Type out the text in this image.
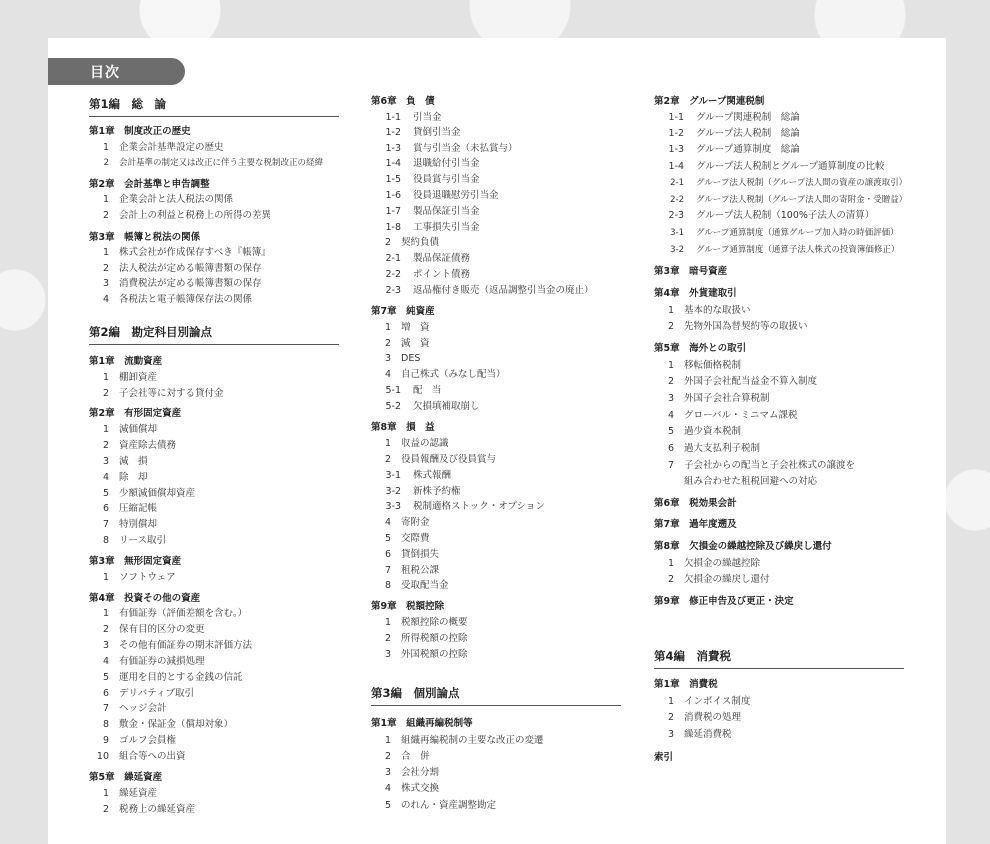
目次
第1編　総　論
第1章　制度改正の歴史
1 企業会計基準設定の歴史
2 会計基準の制定又は改正に伴う主要な税制改正の経緯
第2章　会計基準と申告調整
1 企業会計と法人税法の関係
2 会計上の利益と税務上の所得の差異
第3章　帳簿と税法の関係
1 株式会社が作成保存すべき『帳簿』
2 法人税法が定める帳簿書類の保存
3 消費税法が定める帳簿書類の保存
4 各税法と電子帳簿保存法の関係
第2編　勘定科目別論点
第1章　流動資産
1 棚卸資産
2 子会社等に対する貸付金
第2章　有形固定資産
1 減価償却
2 資産除去債務
3 減　損
4 除　却
5 少額減価償却資産
6 圧縮記帳
7 特別償却
8 リース取引
第3章　無形固定資産
1 ソフトウェア
第4章　投資その他の資産
1 有価証券（評価差額を含む。）
2 保有目的区分の変更
3 その他有価証券の期末評価方法
4 有価証券の減損処理
5 運用を目的とする金銭の信託
6 デリバティブ取引
7 ヘッジ会計
8 敷金・保証金（償却対象）
9 ゴルフ会員権
10 組合等への出資
第5章　繰延資産
1 繰延資産
2 税務上の繰延資産
第6章　負　債
1-1 引当金
1-2 貸倒引当金
1-3 賞与引当金（未払賞与）
1-4 退職給付引当金
1-5 役員賞与引当金
1-6 役員退職慰労引当金
1-7 製品保証引当金
1-8 工事損失引当金
2 契約負債
2-1 製品保証債務
2-2 ポイント債務
2-3 返品権付き販売（返品調整引当金の廃止）
第7章　純資産
1 増　資
2 減　資
3 DES
4 自己株式（みなし配当）
5-1 配　当
5-2 欠損填補取崩し
第8章　損　益
1 収益の認識
2 役員報酬及び役員賞与
3-1 株式報酬
3-2 新株予約権
3-3 税制適格ストック・オプション
4 寄附金
5 交際費
6 貸倒損失
7 租税公課
8 受取配当金
第9章　税額控除
1 税額控除の概要
2 所得税額の控除
3 外国税額の控除
第3編　個別論点
第1章　組織再編税制等
1 組織再編税制の主要な改正の変遷
2 合　併
3 会社分割
4 株式交換
5 のれん・資産調整勘定
第2章　グループ関連税制
1-1 グループ関連税制　総論
1-2 グループ法人税制　総論
1-3 グループ通算制度　総論
1-4 グループ法人税制とグループ通算制度の比較
2-1 グループ法人税制（グループ法人間の資産の譲渡取引）
2-2 グループ法人税制（グループ法人間の寄附金・受贈益）
2-3 グループ法人税制（100%子法人の清算）
3-1 グループ通算制度（通算グループ加入時の時価評価）
3-2 グループ通算制度（通算子法人株式の投資簿価修正）
第3章　暗号資産
第4章　外貨建取引
1 基本的な取扱い
2 先物外国為替契約等の取扱い
第5章　海外との取引
1 移転価格税制
2 外国子会社配当益金不算入制度
3 外国子会社合算税制
4 グローバル・ミニマム課税
5 過少資本税制
6 過大支払利子税制
7 子会社からの配当と子会社株式の譲渡を
組み合わせた租税回避への対応
第6章　税効果会計
第7章　過年度遡及
第8章　欠損金の繰越控除及び繰戻し還付
1 欠損金の繰越控除
2 欠損金の繰戻し還付
第9章　修正申告及び更正・決定
第4編　消費税
第1章　消費税
1 インボイス制度
2 消費税の処理
3 繰延消費税
索引
